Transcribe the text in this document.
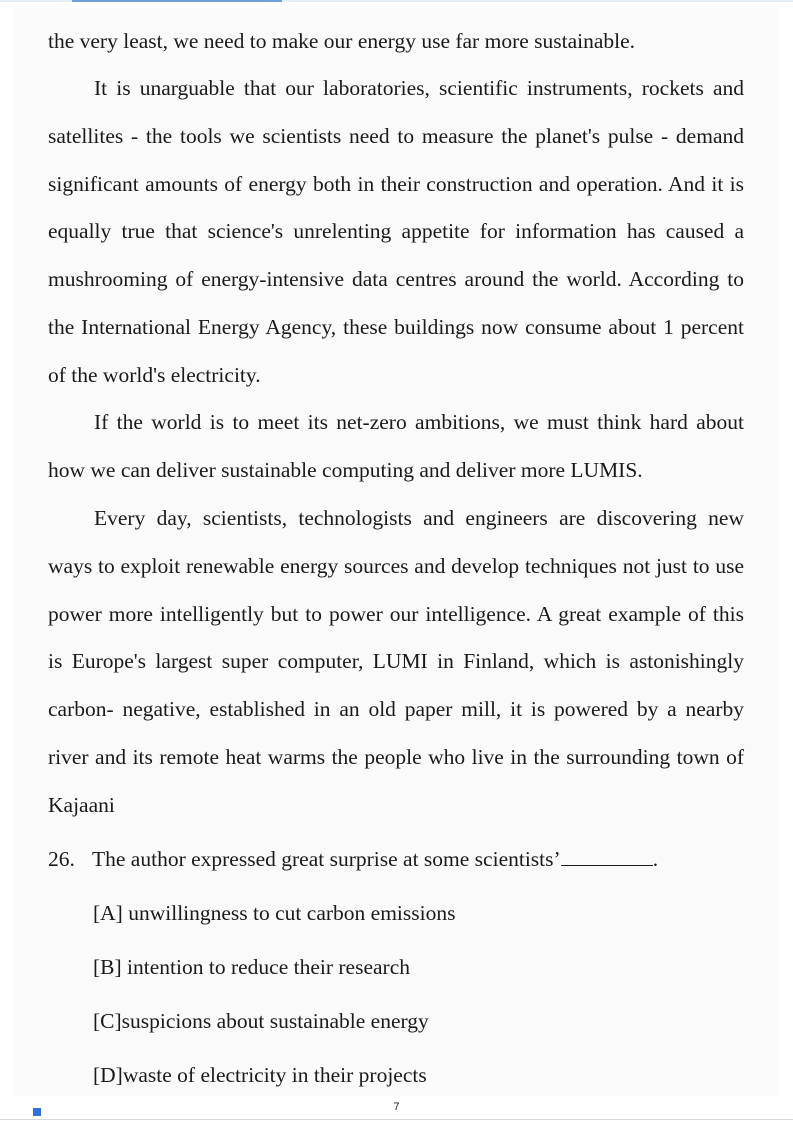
the very least, we need to make our energy use far more sustainable.

It is unarguable that our laboratories, scientific instruments, rockets and satellites - the tools we scientists need to measure the planet's pulse - demand significant amounts of energy both in their construction and operation. And it is equally true that science's unrelenting appetite for information has caused a mushrooming of energy-intensive data centres around the world. According to the International Energy Agency, these buildings now consume about 1 percent of the world's electricity.

If the world is to meet its net-zero ambitions, we must think hard about how we can deliver sustainable computing and deliver more LUMIS.

Every day, scientists, technologists and engineers are discovering new ways to exploit renewable energy sources and develop techniques not just to use power more intelligently but to power our intelligence. A great example of this is Europe's largest super computer, LUMI in Finland, which is astonishingly carbon- negative, established in an old paper mill, it is powered by a nearby river and its remote heat warms the people who live in the surrounding town of Kajaani

26. The author expressed great surprise at some scientists’	.
[A] unwillingness to cut carbon emissions
[B] intention to reduce their research
[C]suspicions about sustainable energy
[D]waste of electricity in their projects
7
